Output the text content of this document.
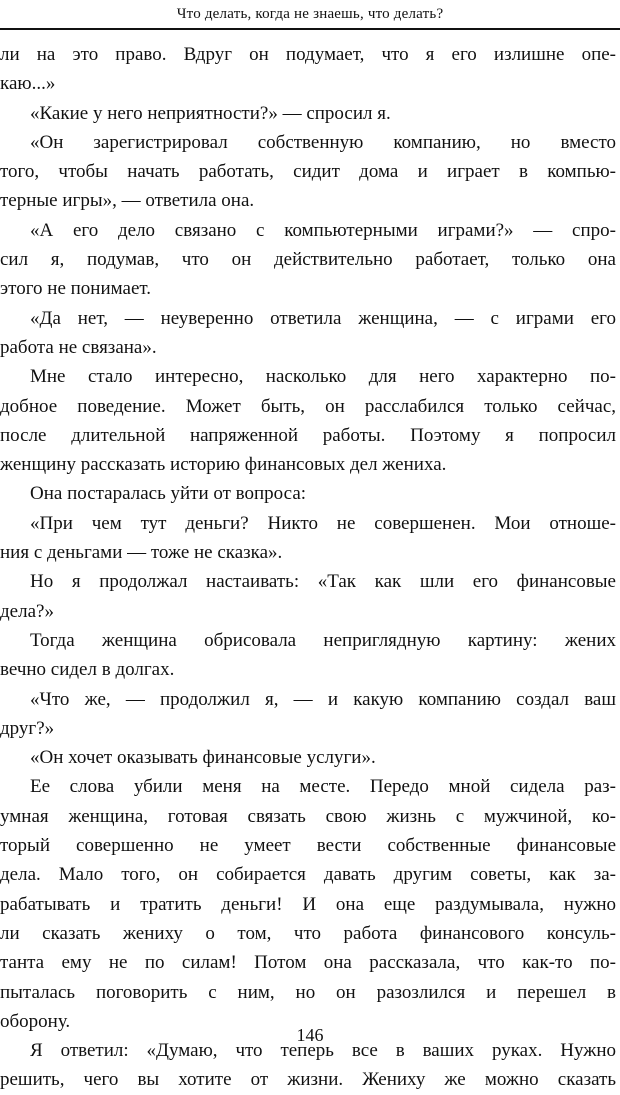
Что делать, когда не знаешь, что делать?
ли на это право. Вдруг он подумает, что я его излишне опе-
каю...»
«Какие у него неприятности?» — спросил я.
«Он зарегистрировал собственную компанию, но вместо
того, чтобы начать работать, сидит дома и играет в компью-
терные игры», — ответила она.
«А его дело связано с компьютерными играми?» — спро-
сил я, подумав, что он действительно работает, только она
этого не понимает.
«Да нет, — неуверенно ответила женщина, — с играми его
работа не связана».
Мне стало интересно, насколько для него характерно по-
добное поведение. Может быть, он расслабился только сейчас,
после длительной напряженной работы. Поэтому я попросил
женщину рассказать историю финансовых дел жениха.
Она постаралась уйти от вопроса:
«При чем тут деньги? Никто не совершенен. Мои отноше-
ния с деньгами — тоже не сказка».
Но я продолжал настаивать: «Так как шли его финансовые
дела?»
Тогда женщина обрисовала неприглядную картину: жених
вечно сидел в долгах.
«Что же, — продолжил я, — и какую компанию создал ваш
друг?»
«Он хочет оказывать финансовые услуги».
Ее слова убили меня на месте. Передо мной сидела раз-
умная женщина, готовая связать свою жизнь с мужчиной, ко-
торый совершенно не умеет вести собственные финансовые
дела. Мало того, он собирается давать другим советы, как за-
рабатывать и тратить деньги! И она еще раздумывала, нужно
ли сказать жениху о том, что работа финансового консуль-
танта ему не по силам! Потом она рассказала, что как-то по-
пыталась поговорить с ним, но он разозлился и перешел в
оборону.
Я ответил: «Думаю, что теперь все в ваших руках. Нужно
решить, чего вы хотите от жизни. Жениху же можно сказать
146
